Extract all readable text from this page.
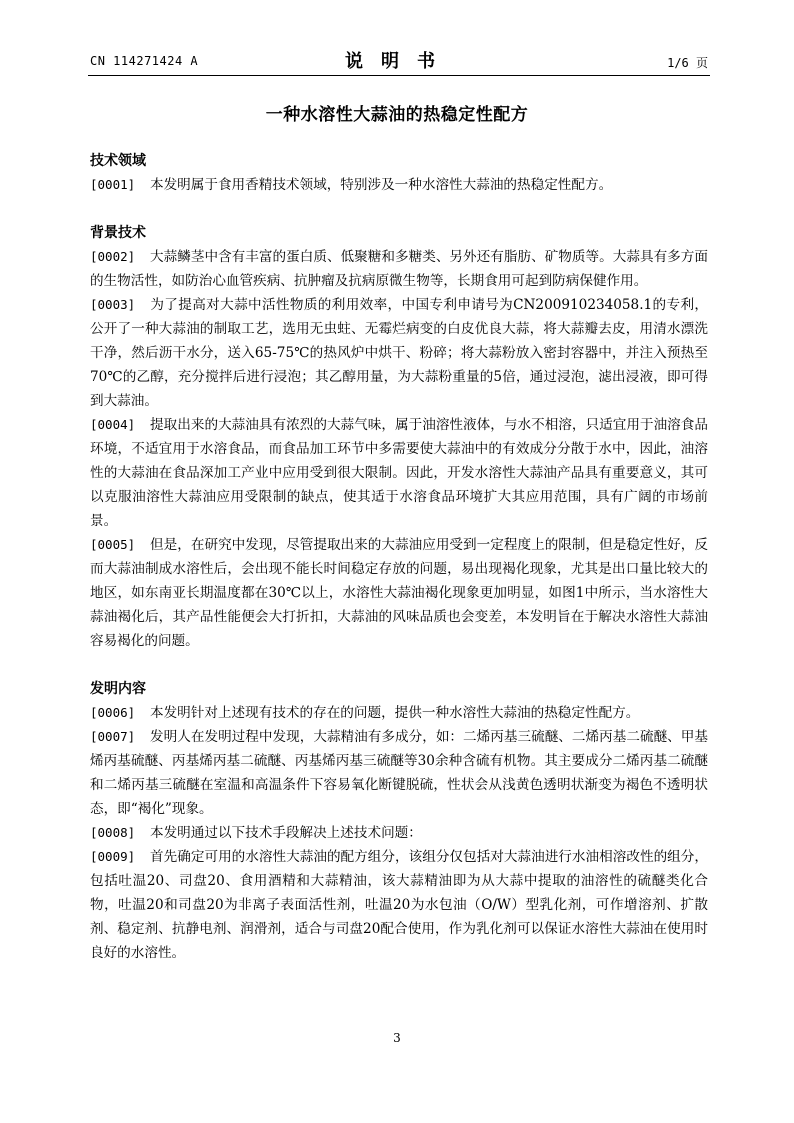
CN 114271424 A	说明书	1/6 页
一种水溶性大蒜油的热稳定性配方
技术领域

[0001] 本发明属于食用香精技术领域，特别涉及一种水溶性大蒜油的热稳定性配方。

背景技术

[0002] 大蒜鳞茎中含有丰富的蛋白质、低聚糖和多糖类、另外还有脂肪、矿物质等。大蒜具有多方面的生物活性，如防治心血管疾病、抗肿瘤及抗病原微生物等，长期食用可起到防病保健作用。

[0003] 为了提高对大蒜中活性物质的利用效率，中国专利申请号为CN200910234058.1的专利，公开了一种大蒜油的制取工艺，选用无虫蛀、无霉烂病变的白皮优良大蒜，将大蒜瓣去皮，用清水漂洗干净，然后沥干水分，送入65-75℃的热风炉中烘干、粉碎；将大蒜粉放入密封容器中，并注入预热至70℃的乙醇，充分搅拌后进行浸泡；其乙醇用量，为大蒜粉重量的5倍，通过浸泡，滤出浸液，即可得到大蒜油。

[0004] 提取出来的大蒜油具有浓烈的大蒜气味，属于油溶性液体，与水不相溶，只适宜用于油溶食品环境，不适宜用于水溶食品，而食品加工环节中多需要使大蒜油中的有效成分分散于水中，因此，油溶性的大蒜油在食品深加工产业中应用受到很大限制。因此，开发水溶性大蒜油产品具有重要意义，其可以克服油溶性大蒜油应用受限制的缺点，使其适于水溶食品环境扩大其应用范围，具有广阔的市场前景。

[0005] 但是，在研究中发现，尽管提取出来的大蒜油应用受到一定程度上的限制，但是稳定性好，反而大蒜油制成水溶性后，会出现不能长时间稳定存放的问题，易出现褐化现象，尤其是出口量比较大的地区，如东南亚长期温度都在30℃以上，水溶性大蒜油褐化现象更加明显，如图1中所示，当水溶性大蒜油褐化后，其产品性能便会大打折扣，大蒜油的风味品质也会变差，本发明旨在于解决水溶性大蒜油容易褐化的问题。

发明内容

[0006] 本发明针对上述现有技术的存在的问题，提供一种水溶性大蒜油的热稳定性配方。

[0007] 发明人在发明过程中发现，大蒜精油有多成分，如：二烯丙基三硫醚、二烯丙基二硫醚、甲基烯丙基硫醚、丙基烯丙基二硫醚、丙基烯丙基三硫醚等30余种含硫有机物。其主要成分二烯丙基二硫醚和二烯丙基三硫醚在室温和高温条件下容易氧化断键脱硫，性状会从浅黄色透明状渐变为褐色不透明状态，即“褐化”现象。

[0008] 本发明通过以下技术手段解决上述技术问题：

[0009] 首先确定可用的水溶性大蒜油的配方组分，该组分仅包括对大蒜油进行水油相溶改性的组分，包括吐温20、司盘20、食用酒精和大蒜精油，该大蒜精油即为从大蒜中提取的油溶性的硫醚类化合物，吐温20和司盘20为非离子表面活性剂，吐温20为水包油（O/W）型乳化剂，可作增溶剂、扩散剂、稳定剂、抗静电剂、润滑剂，适合与司盘20配合使用，作为乳化剂可以保证水溶性大蒜油在使用时良好的水溶性。

3
